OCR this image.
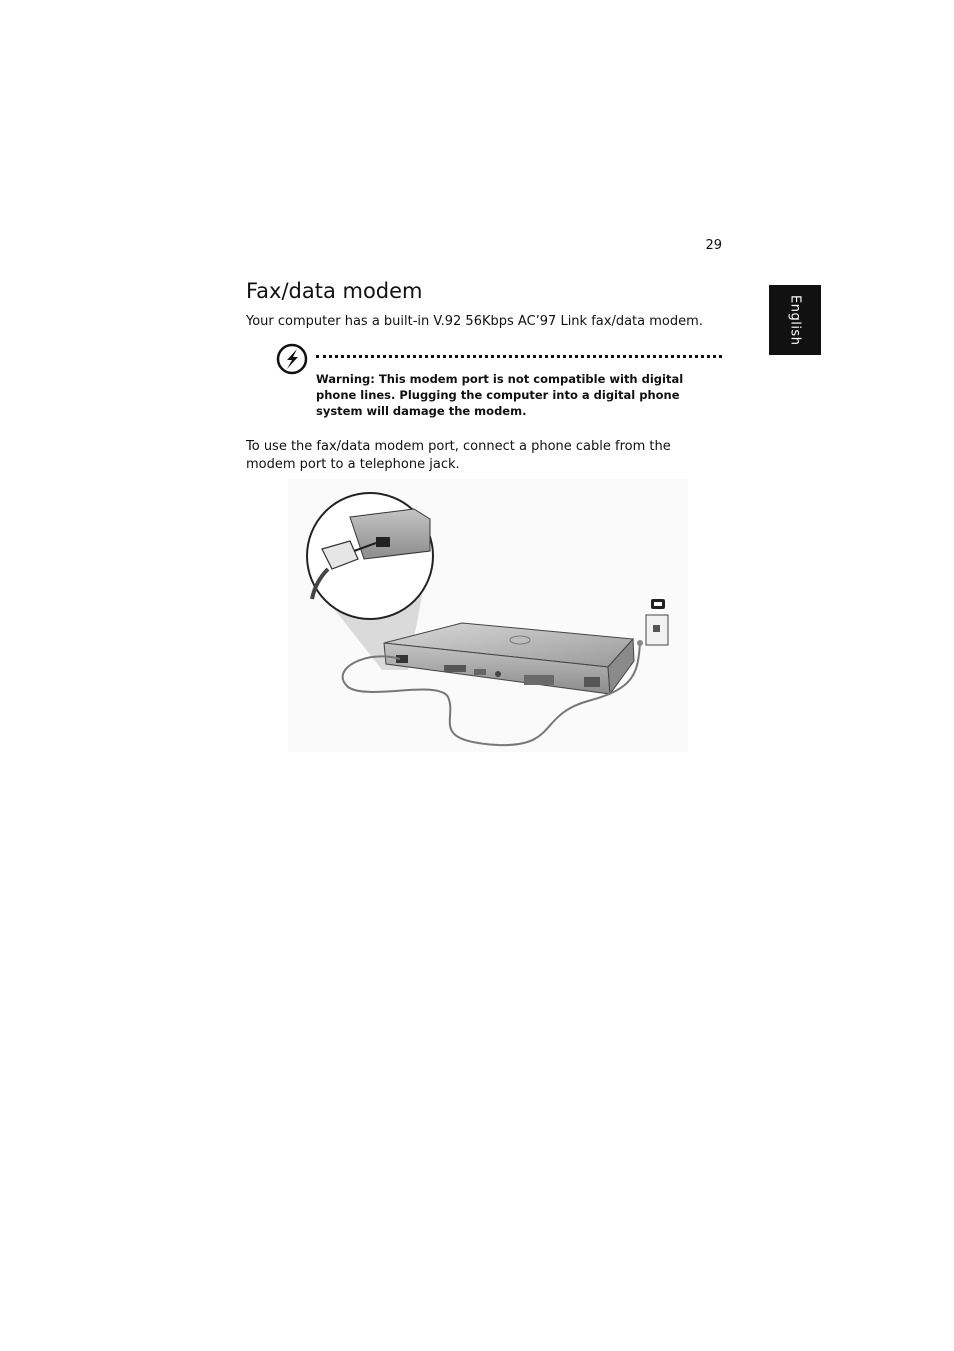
29
English
Fax/data modem

Your computer has a built-in V.92 56Kbps AC’97 Link fax/data modem.

Warning: This modem port is not compatible with digital phone lines. Plugging the computer into a digital phone system will damage the modem.

To use the fax/data modem port, connect a phone cable from the modem port to a telephone jack.
